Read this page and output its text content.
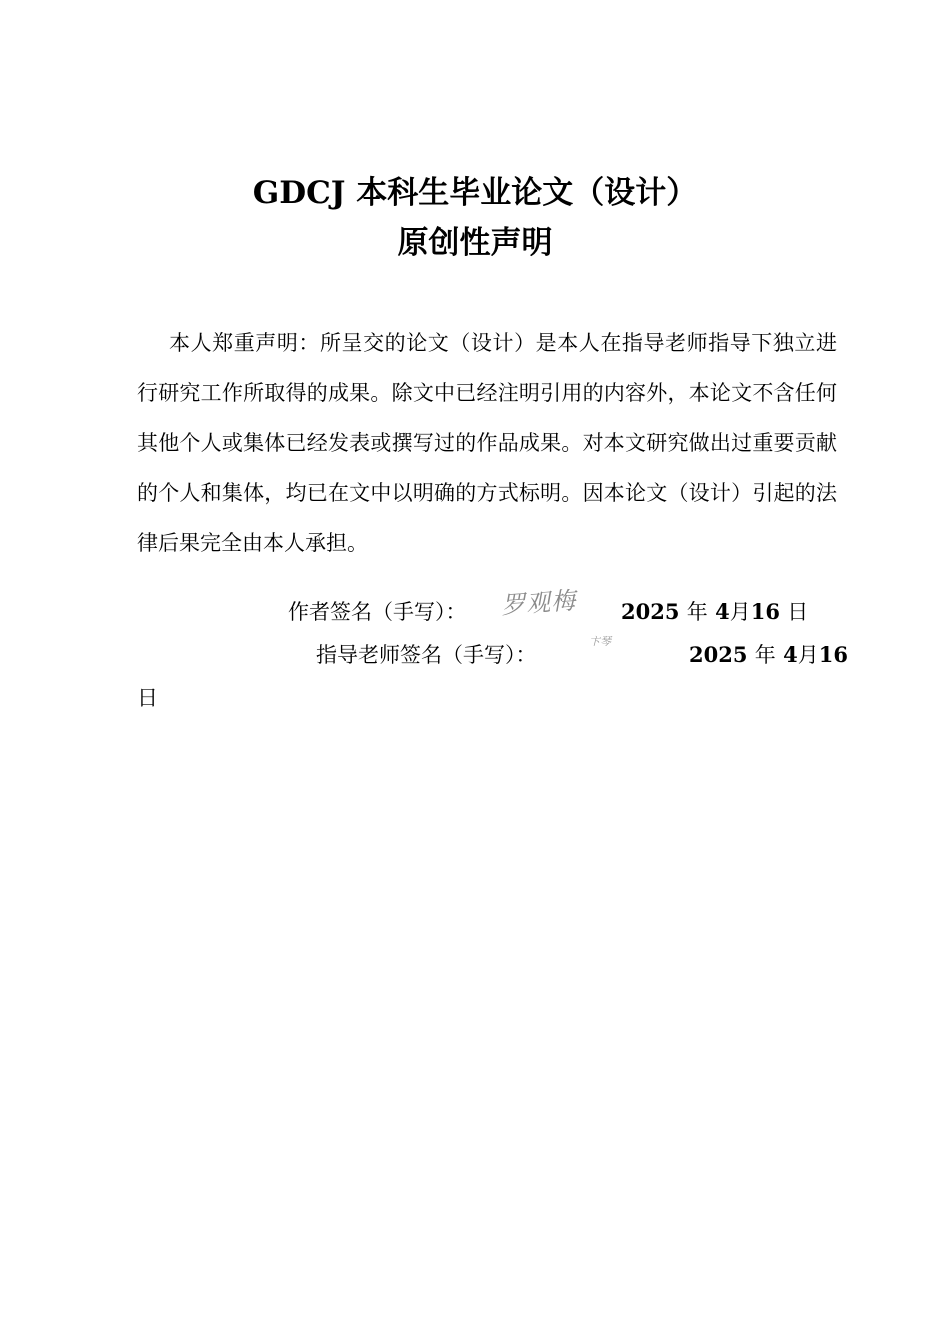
GDCJ 本科生毕业论文（设计）
原创性声明

本人郑重声明：所呈交的论文（设计）是本人在指导老师指导下独立进行研究工作所取得的成果。除文中已经注明引用的内容外，本论文不含任何其他个人或集体已经发表或撰写过的作品成果。对本文研究做出过重要贡献的个人和集体，均已在文中以明确的方式标明。因本论文（设计）引起的法律后果完全由本人承担。

作者签名（手写）： 罗观梅 2025 年 4月16 日
指导老师签名（手写）：
卞琴
2025 年 4月16
日
